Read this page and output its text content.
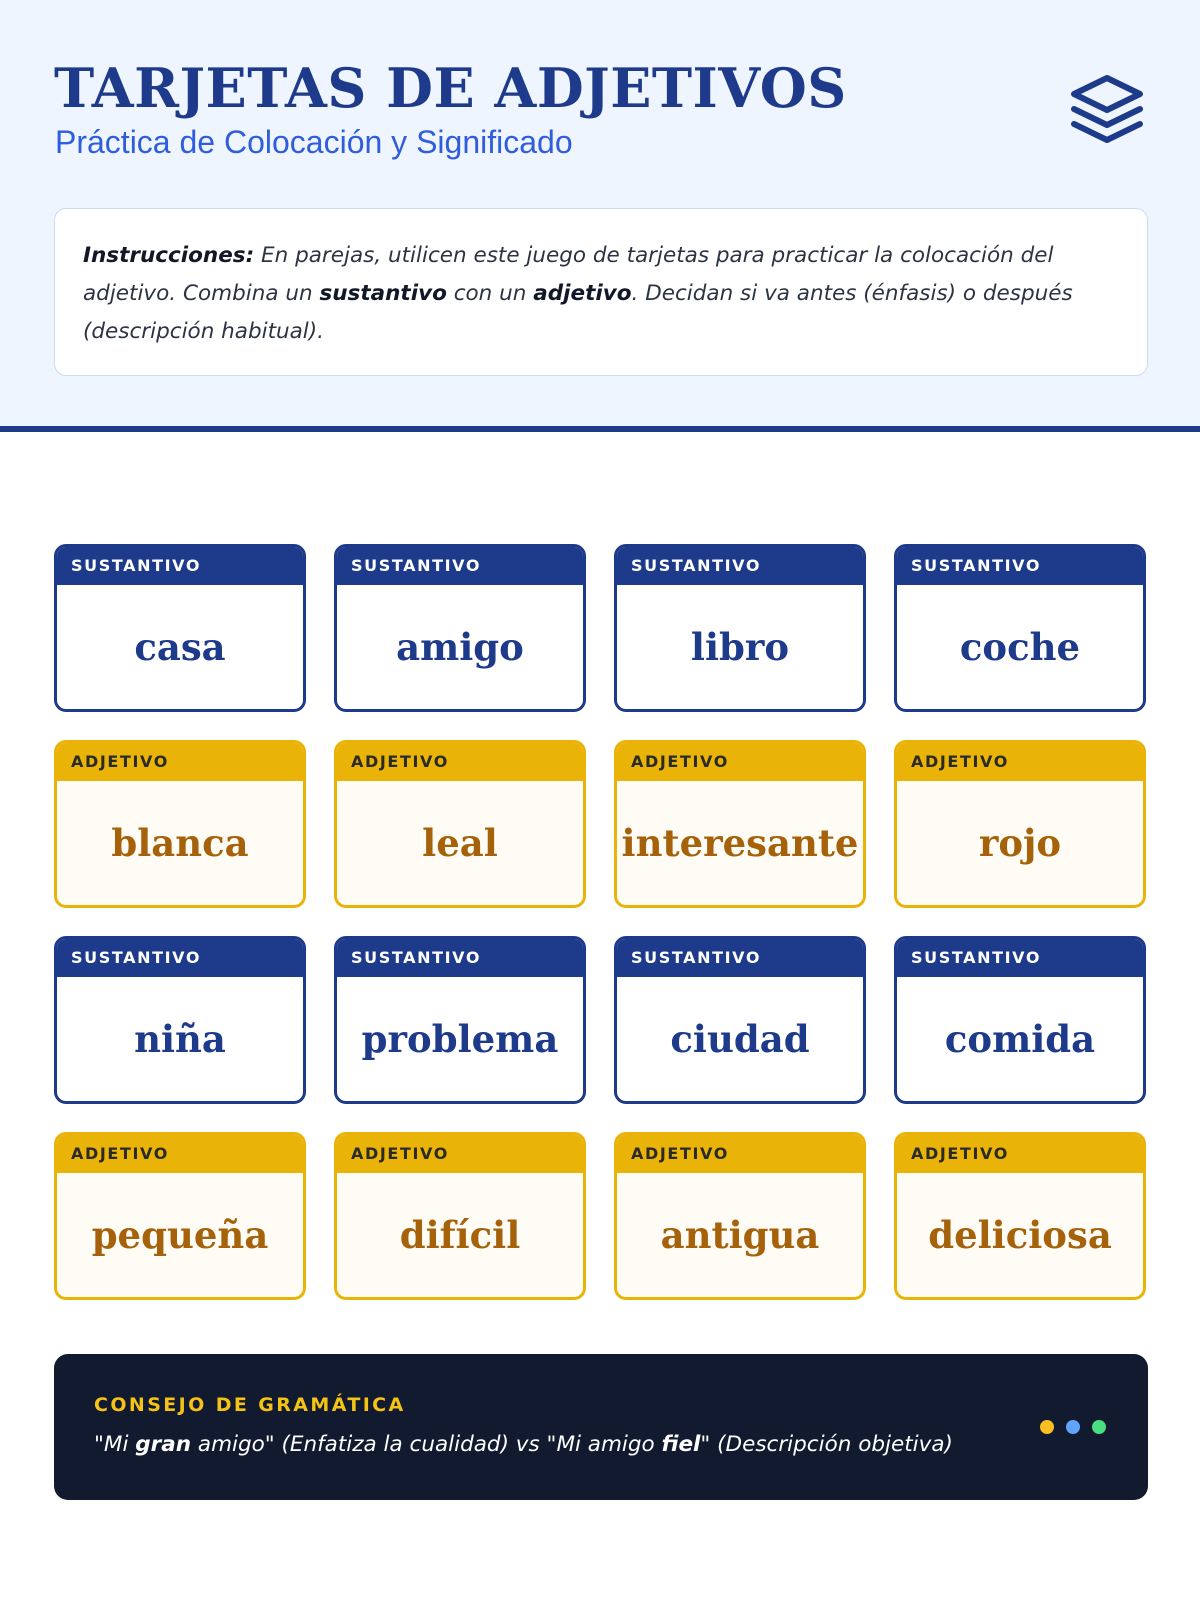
TARJETAS DE ADJETIVOS
Práctica de Colocación y Significado
Instrucciones: En parejas, utilicen este juego de tarjetas para practicar la colocación del adjetivo. Combina un sustantivo con un adjetivo. Decidan si va antes (énfasis) o después (descripción habitual).
SUSTANTIVO
casa
SUSTANTIVO
amigo
SUSTANTIVO
libro
SUSTANTIVO
coche
ADJETIVO
blanca
ADJETIVO
leal
ADJETIVO
interesante
ADJETIVO
rojo
SUSTANTIVO
niña
SUSTANTIVO
problema
SUSTANTIVO
ciudad
SUSTANTIVO
comida
ADJETIVO
pequeña
ADJETIVO
difícil
ADJETIVO
antigua
ADJETIVO
deliciosa
CONSEJO DE GRAMÁTICA
"Mi gran amigo" (Enfatiza la cualidad) vs "Mi amigo fiel" (Descripción objetiva)
